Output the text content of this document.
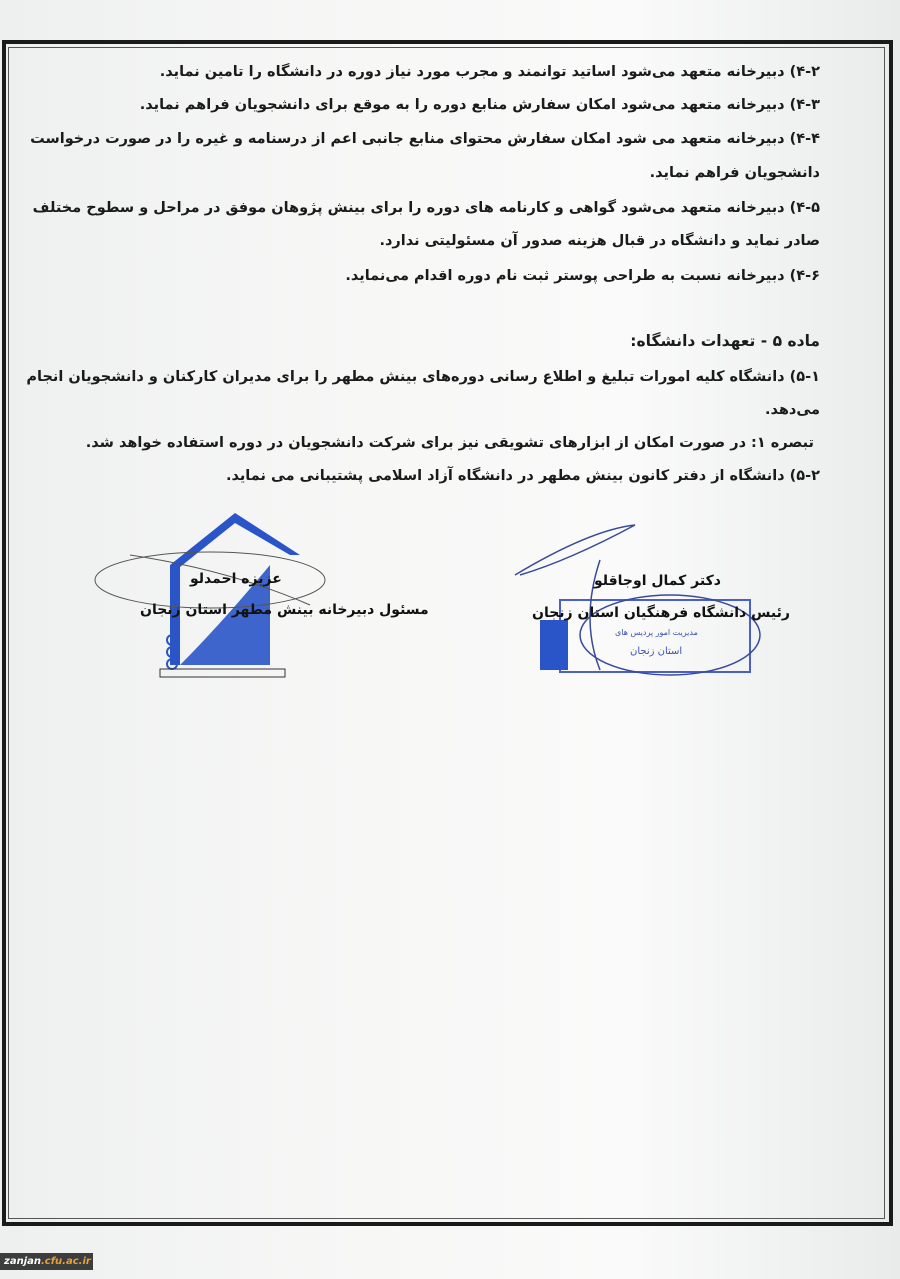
۴-۲) دبیرخانه متعهد می‌شود اساتید توانمند و مجرب مورد نیاز دوره در دانشگاه را تامین نماید.
۴-۳) دبیرخانه متعهد می‌شود امکان سفارش منابع دوره را به موقع برای دانشجویان فراهم نماید.
۴-۴) دبیرخانه متعهد می شود امکان سفارش محتوای منابع جانبی اعم از درسنامه و غیره را در صورت درخواست
دانشجویان فراهم نماید.
۴-۵) دبیرخانه متعهد می‌شود گواهی و کارنامه های دوره را برای بینش پژوهان موفق در مراحل و سطوح مختلف
صادر نماید و دانشگاه در قبال هزینه صدور آن مسئولیتی ندارد.
۴-۶) دبیرخانه نسبت به طراحی پوستر ثبت نام دوره اقدام می‌نماید.
ماده ۵ - تعهدات دانشگاه:
۵-۱) دانشگاه کلیه امورات تبلیغ و اطلاع رسانی دوره‌های بینش مطهر را برای مدیران کارکنان و دانشجویان انجام
می‌دهد.
تبصره ۱: در صورت امکان از ابزارهای تشویقی نیز برای شرکت دانشجویان در دوره استفاده خواهد شد.
۵-۲) دانشگاه از دفتر کانون بینش مطهر در دانشگاه آزاد اسلامی پشتیبانی می نماید.
عزیزه احمدلو
مسئول دبیرخانه بینش مطهر استان زنجان
دکتر کمال اوجاقلو
رئیس دانشگاه فرهنگیان استان زنجان
مدیریت امور پردیس های
استان زنجان
zanjan.cfu.ac.ir
